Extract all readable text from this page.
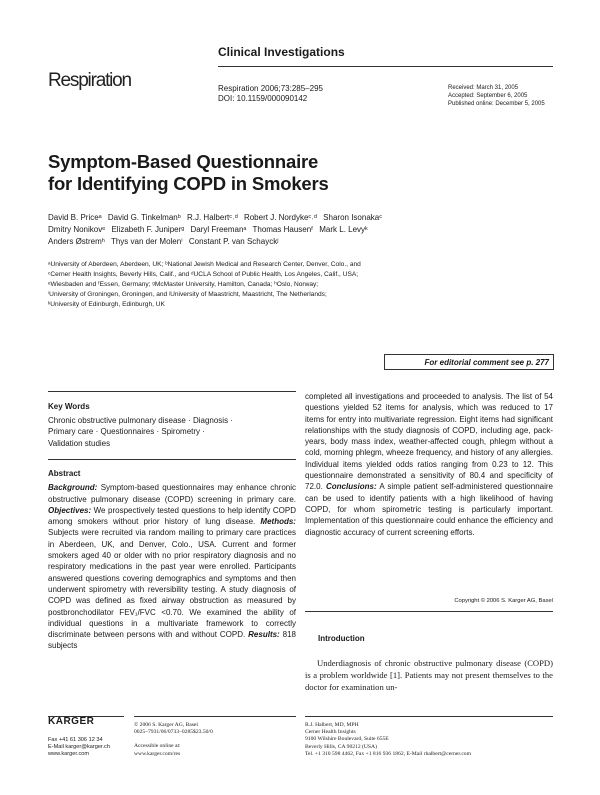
Clinical Investigations
Respiration	Respiration 2006;73:285–295
DOI: 10.1159/000090142
Received: March 31, 2005
Accepted: September 6, 2005
Published online: December 5, 2005
Symptom-Based Questionnaire
for Identifying COPD in Smokers
David B. Priceᵃ David G. Tinkelmanᵇ R.J. Halbertᶜ˒ᵈ Robert J. Nordykeᶜ˒ᵈ Sharon Isonakaᶜ
Dmitry Nonikovᵉ Elizabeth F. Juniperᵍ Daryl Freemanᵃ Thomas Hausenᶠ Mark L. Levyᵏ
Anders Østremʰ Thys van der Molenⁱ Constant P. van Schayckʲ
ᵃUniversity of Aberdeen, Aberdeen, UK; ᵇNational Jewish Medical and Research Center, Denver, Colo., and
ᶜCerner Health Insights, Beverly Hills, Calif., and ᵈUCLA School of Public Health, Los Angeles, Calif., USA;
ᵉWiesbaden and ᶠEssen, Germany; ᵍMcMaster University, Hamilton, Canada; ʰOslo, Norway;
ⁱUniversity of Groningen, Groningen, and ʲUniversity of Maastricht, Maastricht, The Netherlands;
ᵏUniversity of Edinburgh, Edinburgh, UK
For editorial comment see p. 277
Key Words
Chronic obstructive pulmonary disease · Diagnosis ·
Primary care · Questionnaires · Spirometry ·
Validation studies
Abstract
Background: Symptom-based questionnaires may enhance chronic obstructive pulmonary disease (COPD) screening in primary care. Objectives: We prospectively tested questions to help identify COPD among smokers without prior history of lung disease. Methods: Subjects were recruited via random mailing to primary care practices in Aberdeen, UK, and Denver, Colo., USA. Current and former smokers aged 40 or older with no prior respiratory diagnosis and no respiratory medications in the past year were enrolled. Participants answered questions covering demographics and symptoms and then underwent spirometry with reversibility testing. A study diagnosis of COPD was defined as fixed airway obstruction as measured by postbronchodilator FEV₁/FVC <0.70. We examined the ability of individual questions in a multivariate framework to correctly discriminate between persons with and without COPD. Results: 818 subjects
completed all investigations and proceeded to analysis. The list of 54 questions yielded 52 items for analysis, which was reduced to 17 items for entry into multivariate regression. Eight items had significant relationships with the study diagnosis of COPD, including age, pack-years, body mass index, weather-affected cough, phlegm without a cold, morning phlegm, wheeze frequency, and history of any allergies. Individual items yielded odds ratios ranging from 0.23 to 12. This questionnaire demonstrated a sensitivity of 80.4 and specificity of 72.0. Conclusions: A simple patient self-administered questionnaire can be used to identify patients with a high likelihood of having COPD, for whom spirometric testing is particularly important. Implementation of this questionnaire could enhance the efficiency and diagnostic accuracy of current screening efforts.
Copyright © 2006 S. Karger AG, Basel
Introduction
Underdiagnosis of chronic obstructive pulmonary disease (COPD) is a problem worldwide [1]. Patients may not present themselves to the doctor for examination un-
KARGER
Fax +41 61 306 12 34
E-Mail karger@karger.ch
www.karger.com
© 2006 S. Karger AG, Basel
0025–7931/06/0733–0285$23.50/0
Accessible online at:
www.karger.com/res
R.J. Halbert, MD, MPH
Cerner Health Insights
9100 Wilshire Boulevard, Suite 655E
Beverly Hills, CA 90212 (USA)
Tel. +1 310 598 4462, Fax +1 816 936 1862, E-Mail rhalbert@cerner.com
